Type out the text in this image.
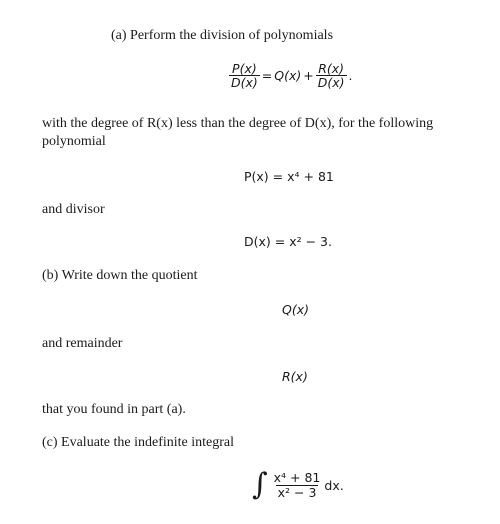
(a) Perform the division of polynomials
$\frac{P(x)}{D(x)} = Q(x) + \frac{R(x)}{D(x)}$ .
with the degree of R(x) less than the degree of D(x), for the following
polynomial
P(x) = x⁴ + 81
and divisor
D(x) = x² − 3.
(b) Write down the quotient
Q(x)
and remainder
R(x)
that you found in part (a).
(c) Evaluate the indefinite integral
∫ $\frac{\text{x⁴ + 81}}{\text{x² − 3}}$ dx.
